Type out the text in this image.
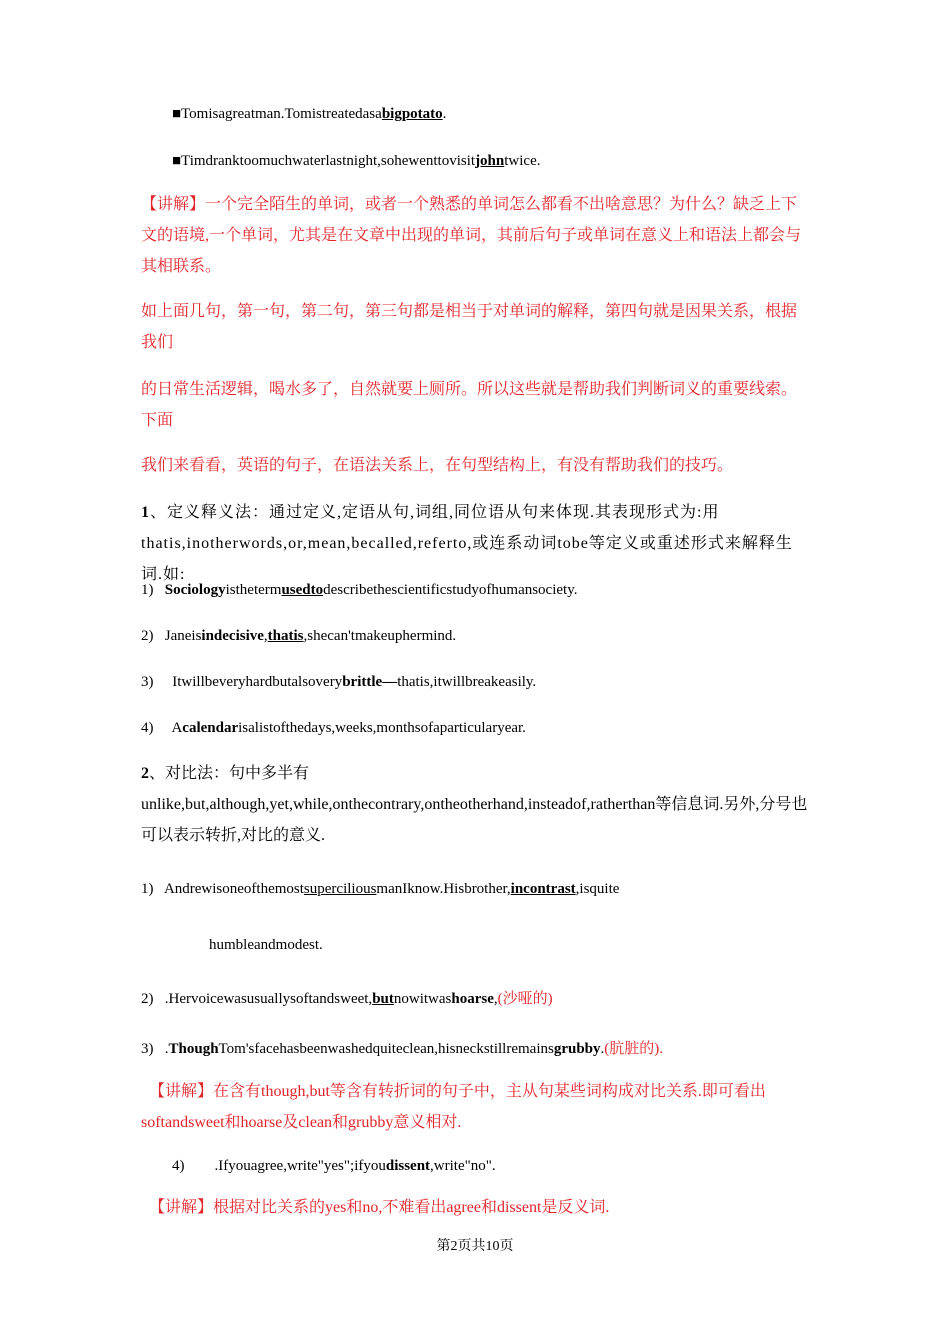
■Tomisagreatman.Tomistreatedasabigpotato.
■Timdranktoomuchwaterlastnight,sohewenttovisitjohntwice.
【讲解】一个完全陌生的单词，或者一个熟悉的单词怎么都看不出啥意思？为什么？缺乏上下文的语境,一个单词，尤其是在文章中出现的单词，其前后句子或单词在意义上和语法上都会与其相联系。
如上面几句，第一句，第二句，第三句都是相当于对单词的解释，第四句就是因果关系，根据我们
的日常生活逻辑，喝水多了，自然就要上厕所。所以这些就是帮助我们判断词义的重要线索。下面
我们来看看，英语的句子，在语法关系上，在句型结构上，有没有帮助我们的技巧。
1、定义释义法：通过定义,定语从句,词组,同位语从句来体现.其表现形式为:用thatis,inotherwords,or,mean,becalled,referto,或连系动词tobe等定义或重述形式来解释生词.如:
1) Sociologyisthetermusedtodescribethescientificstudyofhumansociety.
2) Janeisindecisive,thatis,shecan'tmakeuphermind.
3) Itwillbeveryhardbutalsoverybrittle—thatis,itwillbreakeasily.
4) Acalendarisalistofthedays,weeks,monthsofaparticularyear.
2、对比法：句中多半有
unlike,but,although,yet,while,onthecontrary,ontheotherhand,insteadof,ratherthan等信息词.另外,分号也可以表示转折,对比的意义.
1) AndrewisoneofthemostsuperciliousmanIknow.Hisbrother,incontrast,isquite
humbleandmodest.
2) .Hervoicewasusuallysoftandsweet,butnowitwashoarse,(沙哑的)
3) .ThoughTom'sfacehasbeenwashedquiteclean,hisneckstillremainsgrubby.(肮脏的).
【讲解】在含有though,but等含有转折词的句子中，主从句某些词构成对比关系.即可看出softandsweet和hoarse及clean和grubby意义相对.
4) .Ifyouagree,write"yes";ifyoudissent,write"no".
【讲解】根据对比关系的yes和no,不难看出agree和dissent是反义词.
第2页共10页
